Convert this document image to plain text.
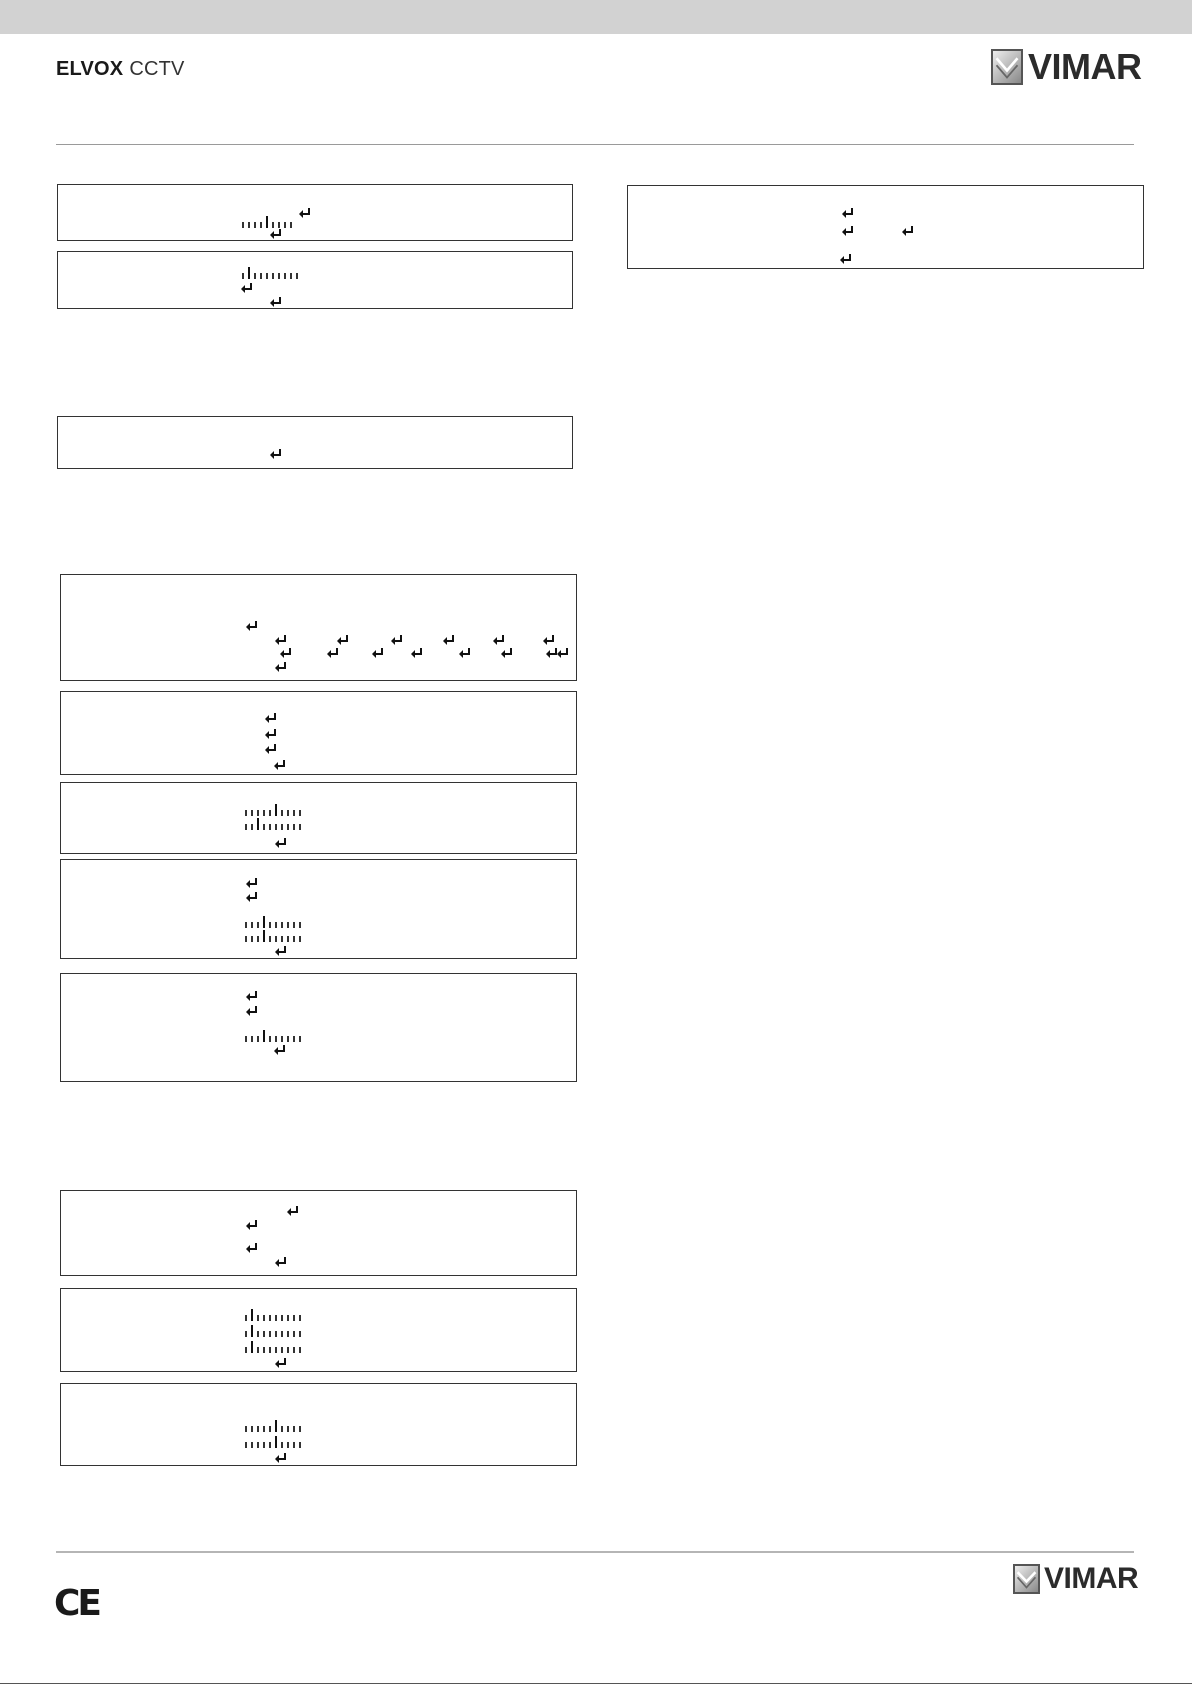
ELVOX CCTV	VIMAR
CE
VIMAR
